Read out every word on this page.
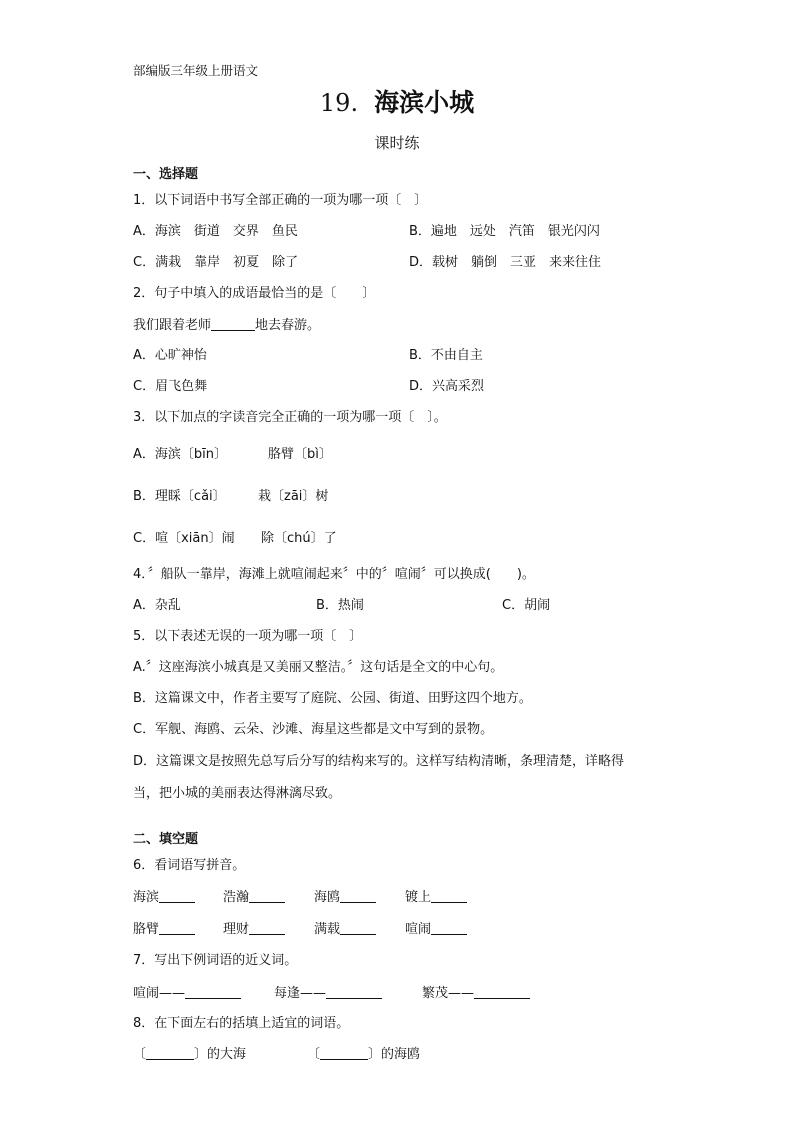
部编版三年级上册语文
19. 海滨小城
课时练
一、选择题
1．以下词语中书写全部正确的一项为哪一项〔　〕
A．海滨　街道　交界　鱼民	B．遍地　远处　汽笛　银光闪闪
C．满栽　靠岸　初夏　除了	D．载树　躺倒　三亚　来来往住
2．句子中填入的成语最恰当的是〔　　〕
我们跟着老师	地去春游。
A．心旷神怡	B．不由自主
C．眉飞色舞	D．兴高采烈
3．以下加点的字读音完全正确的一项为哪一项〔　〕。
A．海滨〔bīn〕	胳臂〔bì〕
B．理睬〔cǎi〕 栽〔zāi〕树
C．喧〔xiān〕闹 除〔chú〕了
4．〞船队一靠岸，海滩上就喧闹起来〞中的〞喧闹〞可以换成(　　)。
A．杂乱	B．热闹	C．胡闹
5．以下表述无误的一项为哪一项〔　〕
A.〞这座海滨小城真是又美丽又整洁。〞这句话是全文的中心句。
B．这篇课文中，作者主要写了庭院、公园、街道、田野这四个地方。
C．军舰、海鸥、云朵、沙滩、海星这些都是文中写到的景物。
D．这篇课文是按照先总写后分写的结构来写的。这样写结构清晰，条理清楚，详略得
当，把小城的美丽表达得淋漓尽致。
二、填空题
6．看词语写拼音。
海滨	浩瀚	海鸥	镀上
胳臂	理财	满载	喧闹
7．写出下例词语的近义词。
喧闹——	每逢——	繁茂——
8．在下面左右的括填上适宜的词语。
〔	〕的大海	〔	〕的海鸥
